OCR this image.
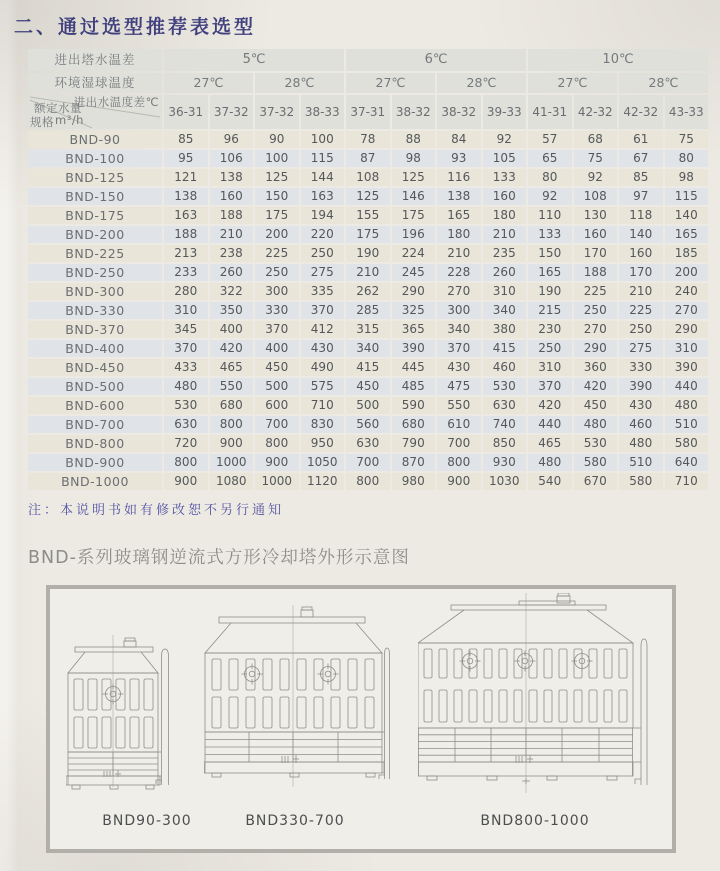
二、通过选型推荐表选型
进出塔水温差	5℃				6℃				10℃			
环境湿球温度	27℃		28℃		27℃		28℃		27℃		28℃	

进出水温度差℃
额定水量
m³/h
规格	36-31	37-32	37-32	38-33	37-31	38-32	38-32	39-33	41-31	42-32	42-32	43-33
BND-90	85	96	90	100	78	88	84	92	57	68	61	75
BND-100	95	106	100	115	87	98	93	105	65	75	67	80
BND-125	121	138	125	144	108	125	116	133	80	92	85	98
BND-150	138	160	150	163	125	146	138	160	92	108	97	115
BND-175	163	188	175	194	155	175	165	180	110	130	118	140
BND-200	188	210	200	220	175	196	180	210	133	160	140	165
BND-225	213	238	225	250	190	224	210	235	150	170	160	185
BND-250	233	260	250	275	210	245	228	260	165	188	170	200
BND-300	280	322	300	335	262	290	270	310	190	225	210	240
BND-330	310	350	330	370	285	325	300	340	215	250	225	270
BND-370	345	400	370	412	315	365	340	380	230	270	250	290
BND-400	370	420	400	430	340	390	370	415	250	290	275	310
BND-450	433	465	450	490	415	445	430	460	310	360	330	390
BND-500	480	550	500	575	450	485	475	530	370	420	390	440
BND-600	530	680	600	710	500	590	550	630	420	450	430	480
BND-700	630	800	700	830	560	680	610	740	440	480	460	510
BND-800	720	900	800	950	630	790	700	850	465	530	480	580
BND-900	800	1000	900	1050	700	870	800	930	480	580	510	640
BND-1000	900	1080	1000	1120	800	980	900	1030	540	670	580	710

注：本说明书如有修改恕不另行通知

BND-系列玻璃钢逆流式方形冷却塔外形示意图
BND90-300	BND330-700	BND800-1000
